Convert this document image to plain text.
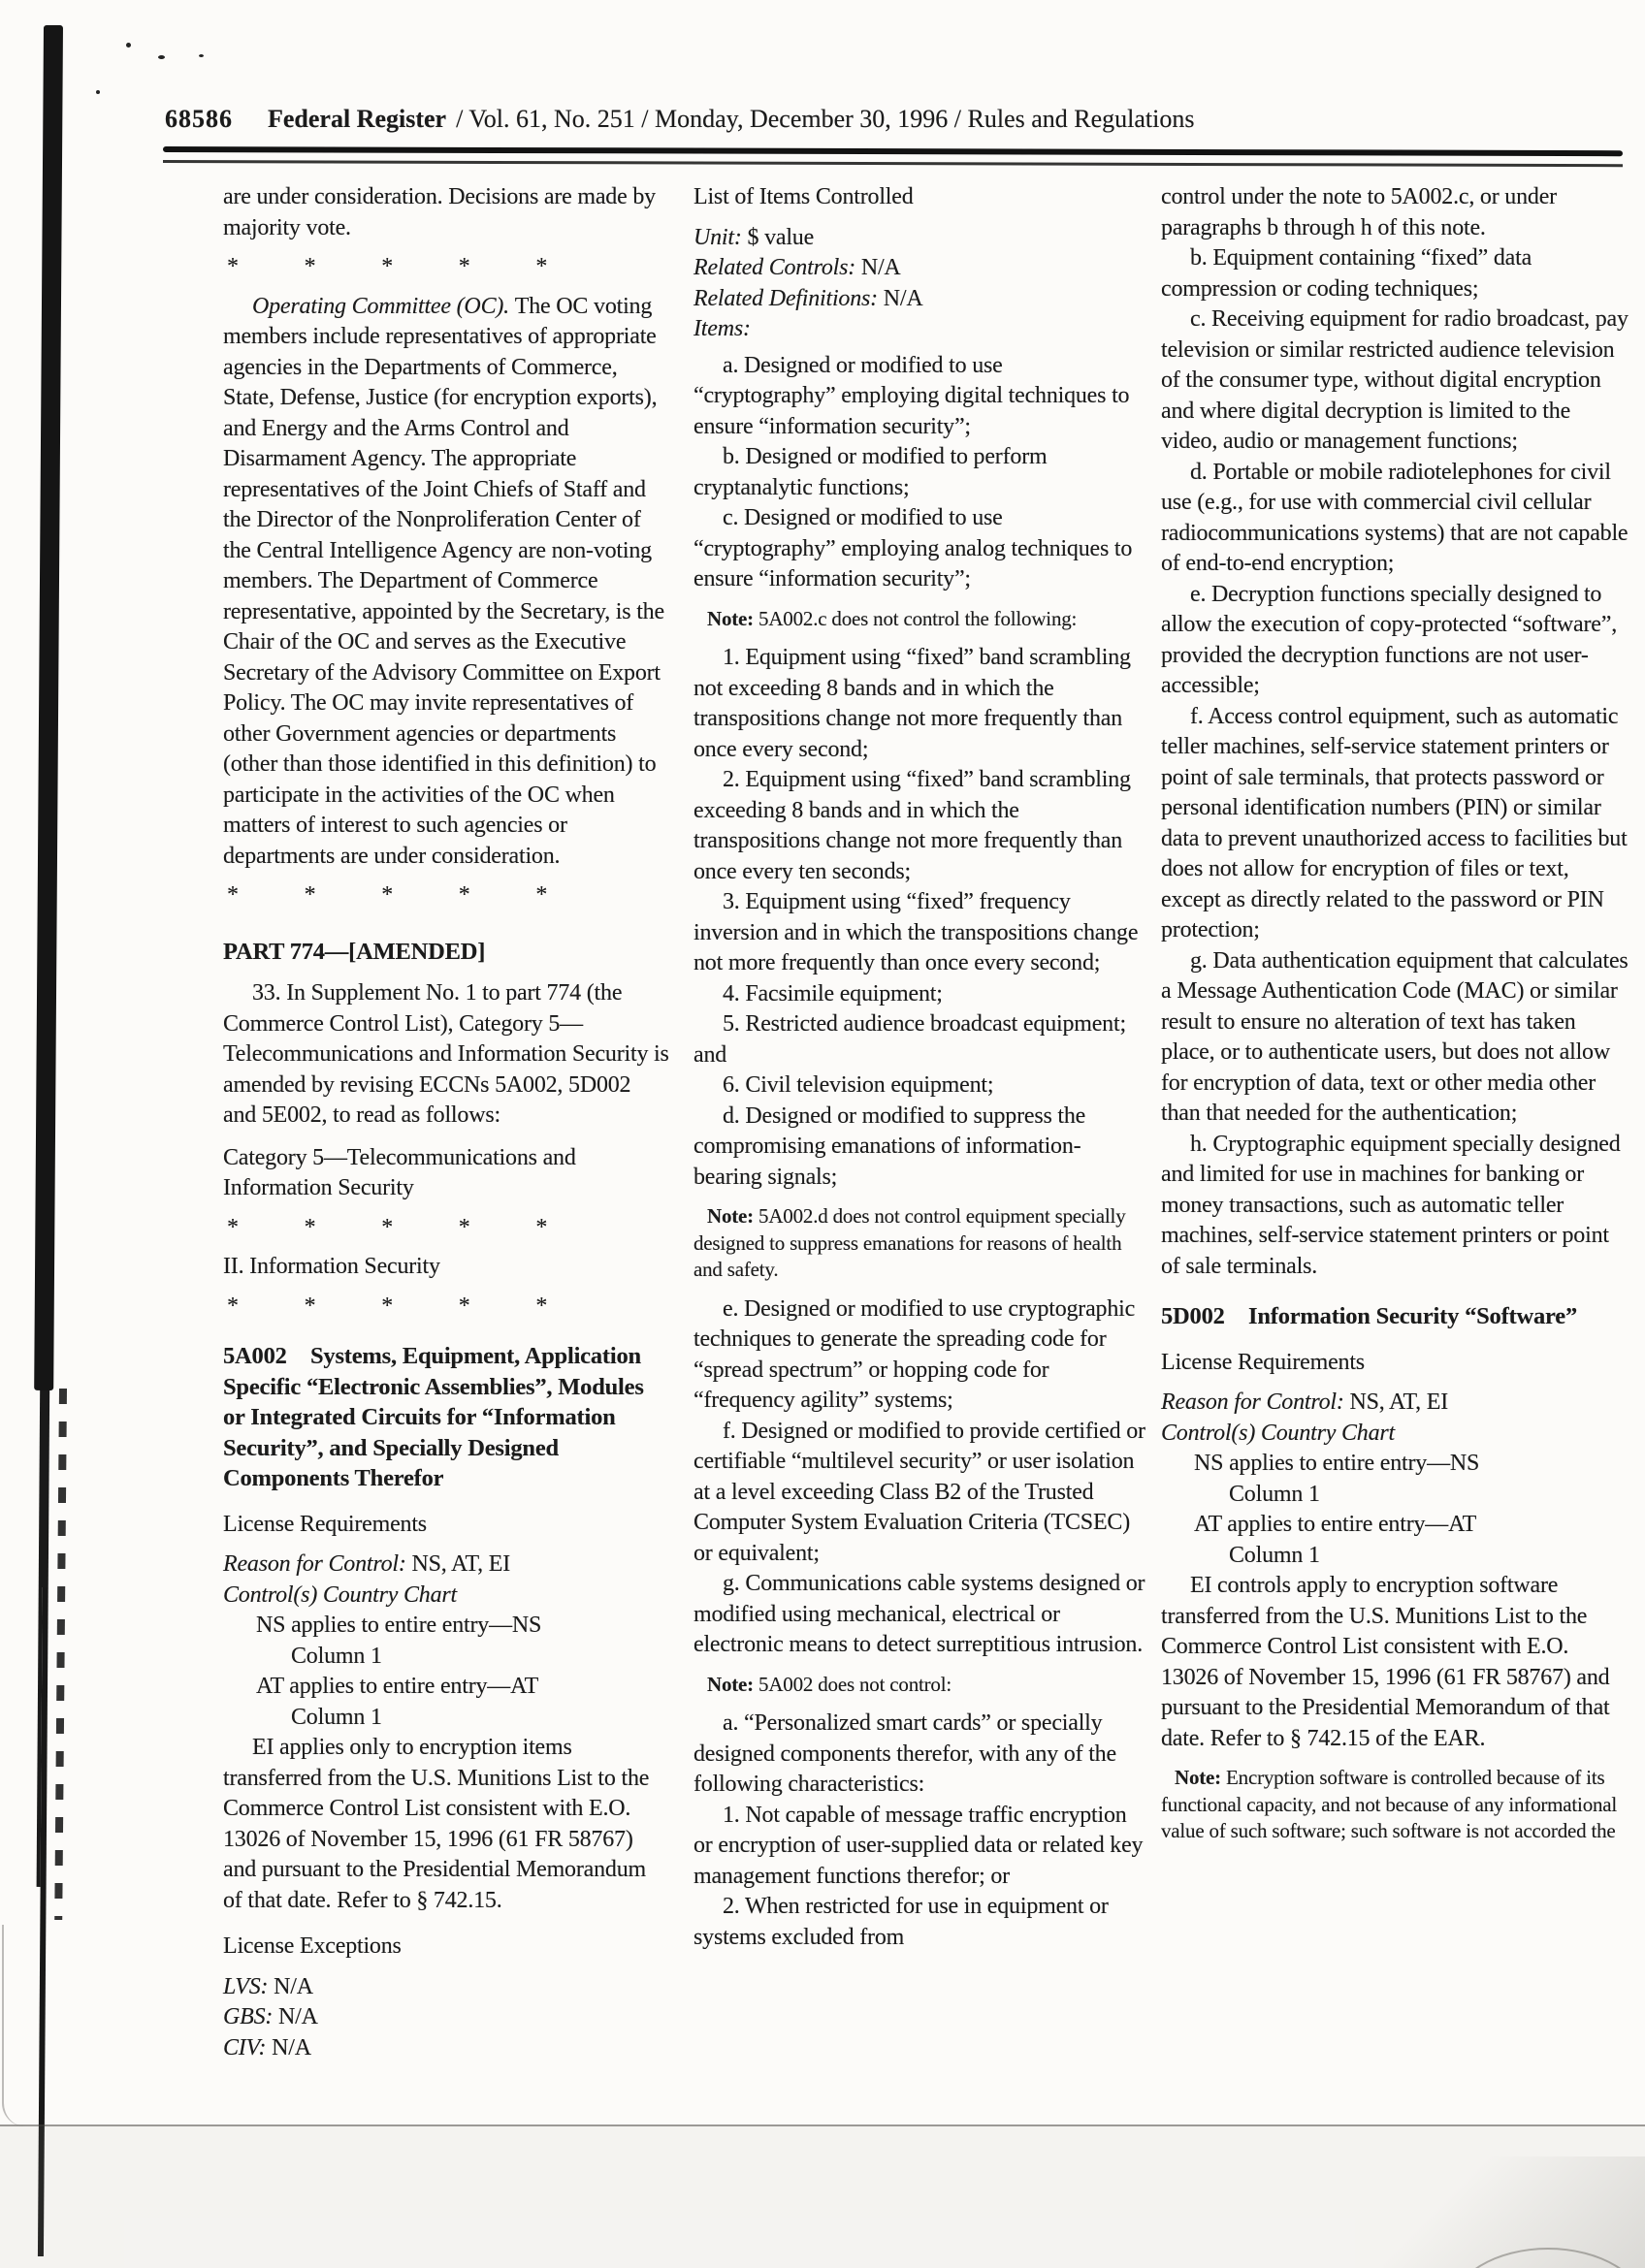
68586 Federal Register / Vol. 61, No. 251 / Monday, December 30, 1996 / Rules and Regulations

are under consideration. Decisions are made by majority vote.

* * * * *

Operating Committee (OC). The OC voting members include representatives of appropriate agencies in the Departments of Commerce, State, Defense, Justice (for encryption exports), and Energy and the Arms Control and Disarmament Agency. The appropriate representatives of the Joint Chiefs of Staff and the Director of the Nonproliferation Center of the Central Intelligence Agency are non-voting members. The Department of Commerce representative, appointed by the Secretary, is the Chair of the OC and serves as the Executive Secretary of the Advisory Committee on Export Policy. The OC may invite representatives of other Government agencies or departments (other than those identified in this definition) to participate in the activities of the OC when matters of interest to such agencies or departments are under consideration.

* * * * *

PART 774—[AMENDED]

33. In Supplement No. 1 to part 774 (the Commerce Control List), Category 5—Telecommunications and Information Security is amended by revising ECCNs 5A002, 5D002 and 5E002, to read as follows:

Category 5—Telecommunications and Information Security

* * * * *

II. Information Security

* * * * *

5A002 Systems, Equipment, Application Specific “Electronic Assemblies”, Modules or Integrated Circuits for “Information Security”, and Specially Designed Components Therefor

License Requirements

Reason for Control: NS, AT, EI

Control(s) Country Chart

NS applies to entire entry—NS

Column 1

AT applies to entire entry—AT

Column 1

EI applies only to encryption items transferred from the U.S. Munitions List to the Commerce Control List consistent with E.O. 13026 of November 15, 1996 (61 FR 58767) and pursuant to the Presidential Memorandum of that date. Refer to § 742.15.

License Exceptions

LVS: N/A

GBS: N/A

CIV: N/A

List of Items Controlled

Unit: $ value

Related Controls: N/A

Related Definitions: N/A

Items:

a. Designed or modified to use “cryptography” employing digital techniques to ensure “information security”;

b. Designed or modified to perform cryptanalytic functions;

c. Designed or modified to use “cryptography” employing analog techniques to ensure “information security”;

Note: 5A002.c does not control the following:

1. Equipment using “fixed” band scrambling not exceeding 8 bands and in which the transpositions change not more frequently than once every second;

2. Equipment using “fixed” band scrambling exceeding 8 bands and in which the transpositions change not more frequently than once every ten seconds;

3. Equipment using “fixed” frequency inversion and in which the transpositions change not more frequently than once every second;

4. Facsimile equipment;

5. Restricted audience broadcast equipment; and

6. Civil television equipment;

d. Designed or modified to suppress the compromising emanations of information-bearing signals;

Note: 5A002.d does not control equipment specially designed to suppress emanations for reasons of health and safety.

e. Designed or modified to use cryptographic techniques to generate the spreading code for “spread spectrum” or hopping code for “frequency agility” systems;

f. Designed or modified to provide certified or certifiable “multilevel security” or user isolation at a level exceeding Class B2 of the Trusted Computer System Evaluation Criteria (TCSEC) or equivalent;

g. Communications cable systems designed or modified using mechanical, electrical or electronic means to detect surreptitious intrusion.

Note: 5A002 does not control:

a. “Personalized smart cards” or specially designed components therefor, with any of the following characteristics:

1. Not capable of message traffic encryption or encryption of user-supplied data or related key management functions therefor; or

2. When restricted for use in equipment or systems excluded from

control under the note to 5A002.c, or under paragraphs b through h of this note.

b. Equipment containing “fixed” data compression or coding techniques;

c. Receiving equipment for radio broadcast, pay television or similar restricted audience television of the consumer type, without digital encryption and where digital decryption is limited to the video, audio or management functions;

d. Portable or mobile radiotelephones for civil use (e.g., for use with commercial civil cellular radiocommunications systems) that are not capable of end-to-end encryption;

e. Decryption functions specially designed to allow the execution of copy-protected “software”, provided the decryption functions are not user-accessible;

f. Access control equipment, such as automatic teller machines, self-service statement printers or point of sale terminals, that protects password or personal identification numbers (PIN) or similar data to prevent unauthorized access to facilities but does not allow for encryption of files or text, except as directly related to the password or PIN protection;

g. Data authentication equipment that calculates a Message Authentication Code (MAC) or similar result to ensure no alteration of text has taken place, or to authenticate users, but does not allow for encryption of data, text or other media other than that needed for the authentication;

h. Cryptographic equipment specially designed and limited for use in machines for banking or money transactions, such as automatic teller machines, self-service statement printers or point of sale terminals.

5D002 Information Security “Software”

License Requirements

Reason for Control: NS, AT, EI

Control(s) Country Chart

NS applies to entire entry—NS

Column 1

AT applies to entire entry—AT

Column 1

EI controls apply to encryption software transferred from the U.S. Munitions List to the Commerce Control List consistent with E.O. 13026 of November 15, 1996 (61 FR 58767) and pursuant to the Presidential Memorandum of that date. Refer to § 742.15 of the EAR.

Note: Encryption software is controlled because of its functional capacity, and not because of any informational value of such software; such software is not accorded the
